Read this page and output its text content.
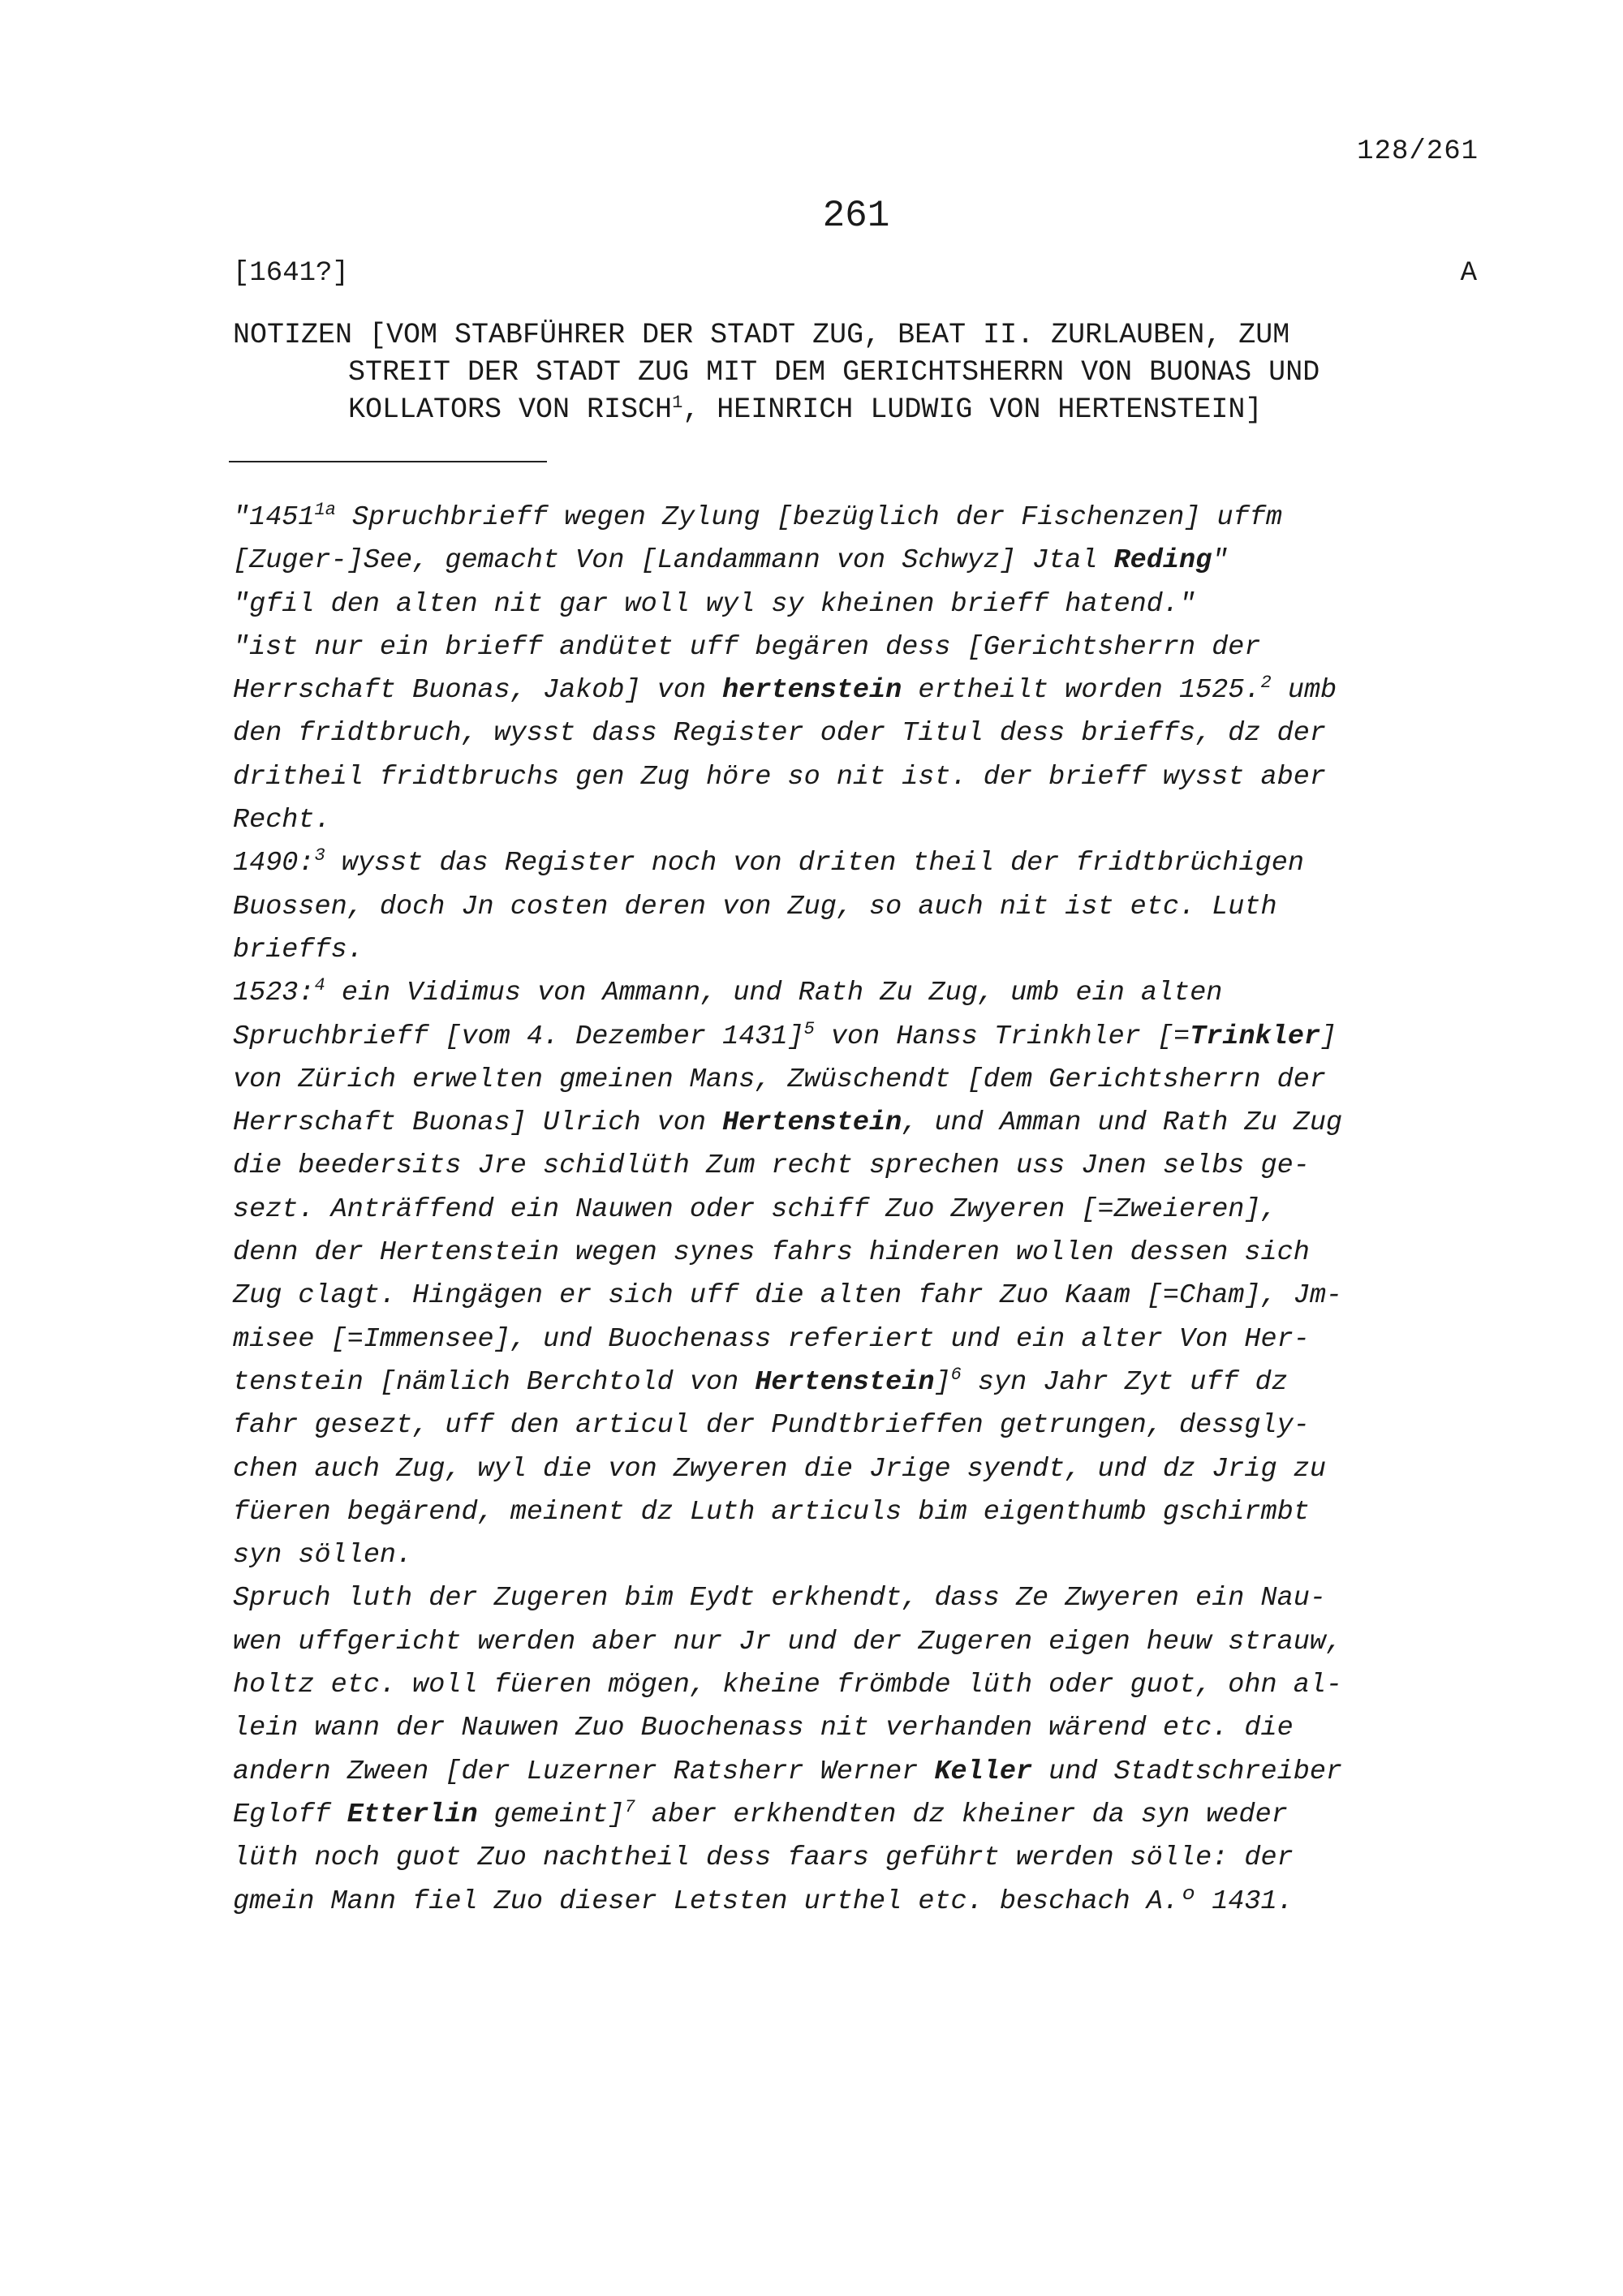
128/261
261
[1641?]	A
NOTIZEN [VOM STABFÜHRER DER STADT ZUG, BEAT II. ZURLAUBEN, ZUM
STREIT DER STADT ZUG MIT DEM GERICHTSHERRN VON BUONAS UND
KOLLATORS VON RISCH$^1$, HEINRICH LUDWIG VON HERTENSTEIN]
"$1451^{1a}$ Spruchbrieff wegen Zylung [bezüglich der Fischenzen] uffm
[Zuger-]See, gemacht Von [Landammann von Schwyz] Jtal Reding"
"gfil den alten nit gar woll wyl sy kheinen brieff hatend."
"ist nur ein brieff andütet uff begären dess [Gerichtsherrn der
Herrschaft Buonas, Jakob] von hertenstein ertheilt worden 1525.$^2$ umb
den fridtbruch, wysst dass Register oder Titul dess brieffs, dz der
dritheil fridtbruchs gen Zug höre so nit ist. der brieff wysst aber
Recht.
1490:$^3$ wysst das Register noch von driten theil der fridtbrüchigen
Buossen, doch Jn costen deren von Zug, so auch nit ist etc. Luth
brieffs.
1523:$^4$ ein Vidimus von Ammann, und Rath Zu Zug, umb ein alten
Spruchbrieff [vom 4. Dezember 1431]$^5$ von Hanss Trinkhler [=Trinkler]
von Zürich erwelten gmeinen Mans, Zwüschendt [dem Gerichtsherrn der
Herrschaft Buonas] Ulrich von Hertenstein, und Amman und Rath Zu Zug
die beedersits Jre schidlüth Zum recht sprechen uss Jnen selbs ge-
sezt. Anträffend ein Nauwen oder schiff Zuo Zwyeren [=Zweieren],
denn der Hertenstein wegen synes fahrs hinderen wollen dessen sich
Zug clagt. Hingägen er sich uff die alten fahr Zuo Kaam [=Cham], Jm-
misee [=Immensee], und Buochenass referiert und ein alter Von Her-
tenstein [nämlich Berchtold von Hertenstein]$^6$ syn Jahr Zyt uff dz
fahr gesezt, uff den articul der Pundtbrieffen getrungen, dessgly-
chen auch Zug, wyl die von Zwyeren die Jrige syendt, und dz Jrig zu
füeren begärend, meinent dz Luth articuls bim eigenthumb gschirmbt
syn söllen.
Spruch luth der Zugeren bim Eydt erkhendt, dass Ze Zwyeren ein Nau-
wen uffgericht werden aber nur Jr und der Zugeren eigen heuw strauw,
holtz etc. woll füeren mögen, kheine frömbde lüth oder guot, ohn al-
lein wann der Nauwen Zuo Buochenass nit verhanden wärend etc. die
andern Zween [der Luzerner Ratsherr Werner Keller und Stadtschreiber
Egloff Etterlin gemeint]$^7$ aber erkhendten dz kheiner da syn weder
lüth noch guot Zuo nachtheil dess faars geführt werden sölle: der
gmein Mann fiel Zuo dieser Letsten urthel etc. beschach A.º 1431.
